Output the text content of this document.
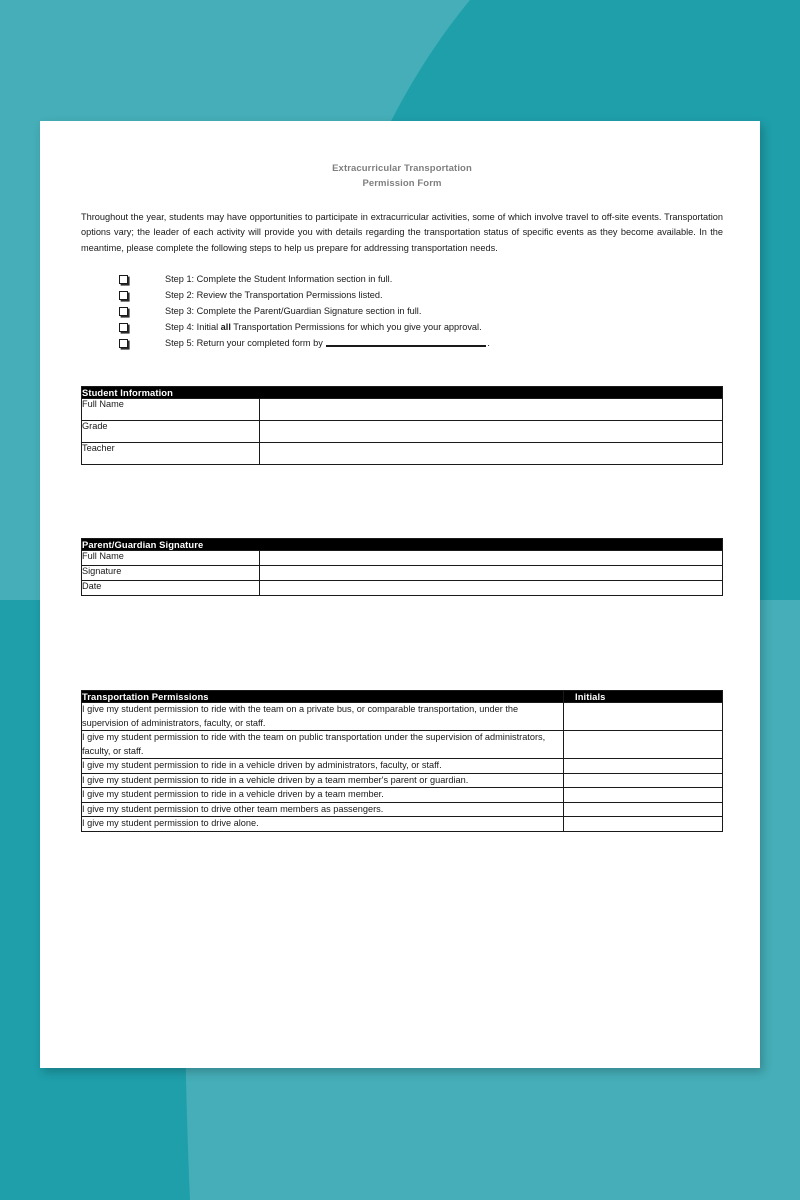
Extracurricular Transportation
Permission Form

Throughout the year, students may have opportunities to participate in extracurricular activities, some of which involve travel to off-site events. Transportation options vary; the leader of each activity will provide you with details regarding the transportation status of specific events as they become available. In the meantime, please complete the following steps to help us prepare for addressing transportation needs.

Step 1: Complete the Student Information section in full.
Step 2: Review the Transportation Permissions listed.
Step 3: Complete the Parent/Guardian Signature section in full.
Step 4: Initial all Transportation Permissions for which you give your approval.
Step 5: Return your completed form by	.
Student Information	
Full Name	
Grade	
Teacher	
Parent/Guardian Signature	
Full Name	
Signature	
Date	
Transportation Permissions	Initials
I give my student permission to ride with the team on a private bus, or comparable transportation, under the supervision of administrators, faculty, or staff.	
I give my student permission to ride with the team on public transportation under the supervision of administrators, faculty, or staff.	
I give my student permission to ride in a vehicle driven by administrators, faculty, or staff.	
I give my student permission to ride in a vehicle driven by a team member's parent or guardian.	
I give my student permission to ride in a vehicle driven by a team member.	
I give my student permission to drive other team members as passengers.	
I give my student permission to drive alone.	
